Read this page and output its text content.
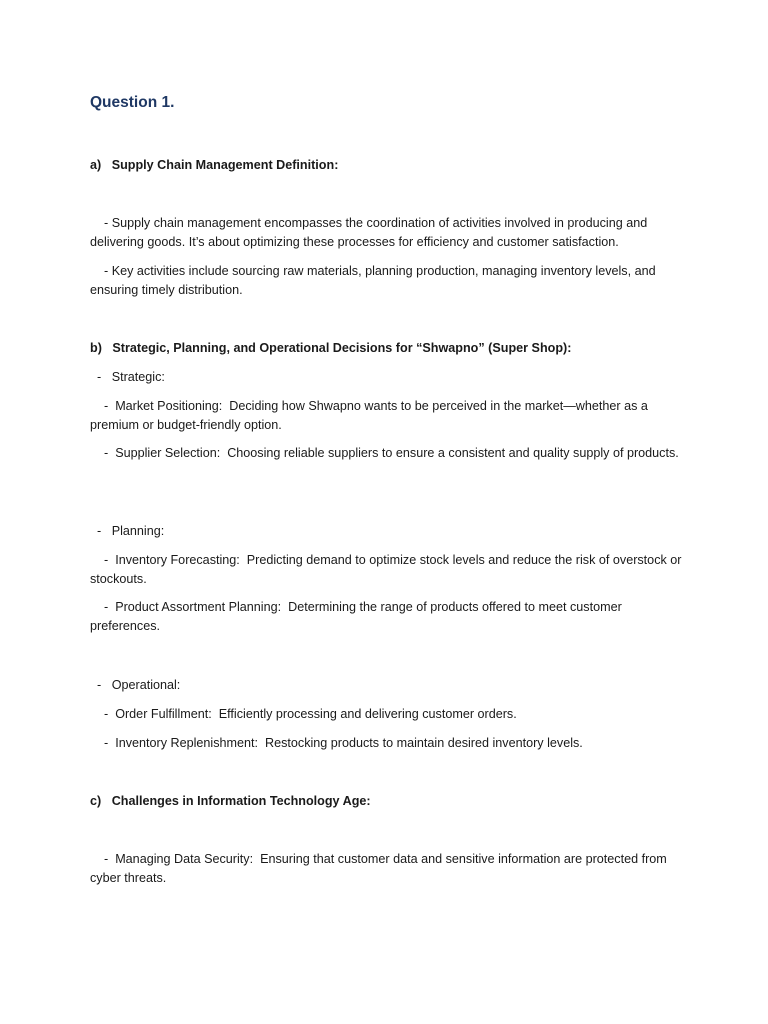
Question 1.
a)   Supply Chain Management Definition:
- Supply chain management encompasses the coordination of activities involved in producing and delivering goods. It’s about optimizing these processes for efficiency and customer satisfaction.
- Key activities include sourcing raw materials, planning production, managing inventory levels, and ensuring timely distribution.
b)   Strategic, Planning, and Operational Decisions for “Shwapno” (Super Shop):
-   Strategic:
-  Market Positioning:  Deciding how Shwapno wants to be perceived in the market—whether as a premium or budget-friendly option.
-  Supplier Selection:  Choosing reliable suppliers to ensure a consistent and quality supply of products.
-   Planning:
-  Inventory Forecasting:  Predicting demand to optimize stock levels and reduce the risk of overstock or stockouts.
-  Product Assortment Planning:  Determining the range of products offered to meet customer preferences.
-   Operational:
-  Order Fulfillment:  Efficiently processing and delivering customer orders.
-  Inventory Replenishment:  Restocking products to maintain desired inventory levels.
c)   Challenges in Information Technology Age:
-  Managing Data Security:  Ensuring that customer data and sensitive information are protected from cyber threats.
